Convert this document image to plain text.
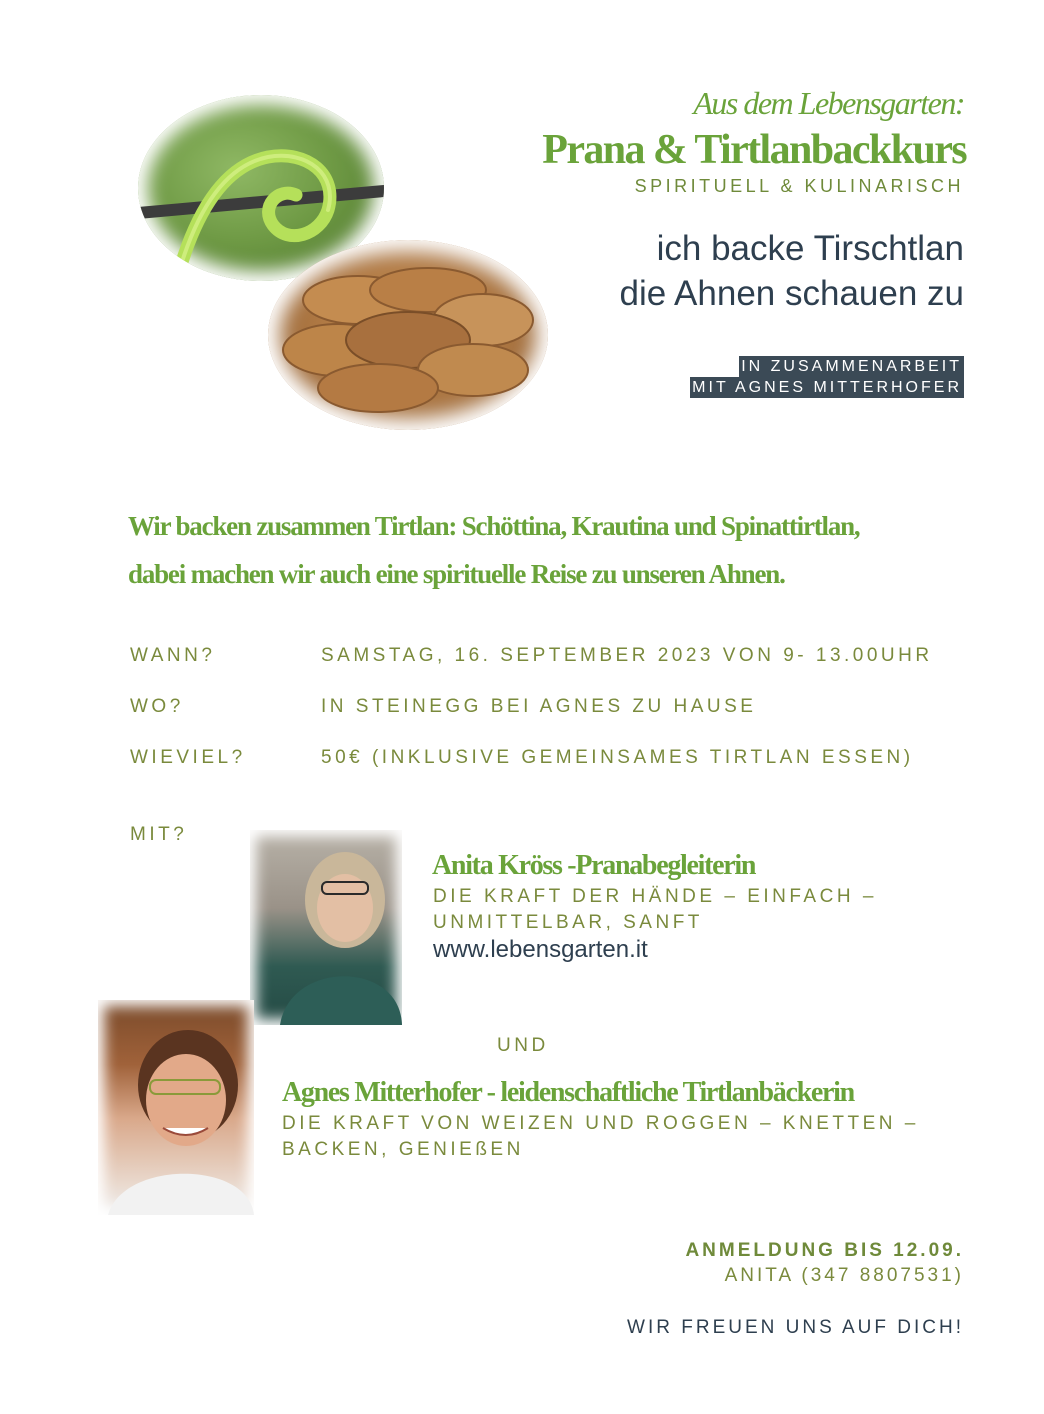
Aus dem Lebensgarten:
Prana & Tirtlanbackkurs
SPIRITUELL & KULINARISCH
ich backe Tirschtlan
die Ahnen schauen zu
IN ZUSAMMENARBEIT
MIT AGNES MITTERHOFER
Wir backen zusammen Tirtlan: Schöttina, Krautina und Spinattirtlan,
dabei machen wir auch eine spirituelle Reise zu unseren Ahnen.
WANN?	SAMSTAG, 16. SEPTEMBER 2023 VON 9- 13.00UHR
WO?	IN STEINEGG BEI AGNES ZU HAUSE
WIEVIEL?	50€ (INKLUSIVE GEMEINSAMES TIRTLAN ESSEN)
MIT?
Anita Kröss -Pranabegleiterin
DIE KRAFT DER HÄNDE – EINFACH –
UNMITTELBAR, SANFT
www.lebensgarten.it
UND
Agnes Mitterhofer - leidenschaftliche Tirtlanbäckerin
DIE KRAFT VON WEIZEN UND ROGGEN – KNETTEN –
BACKEN, GENIEßEN
ANMELDUNG BIS 12.09.
ANITA (347 8807531)
WIR FREUEN UNS AUF DICH!
